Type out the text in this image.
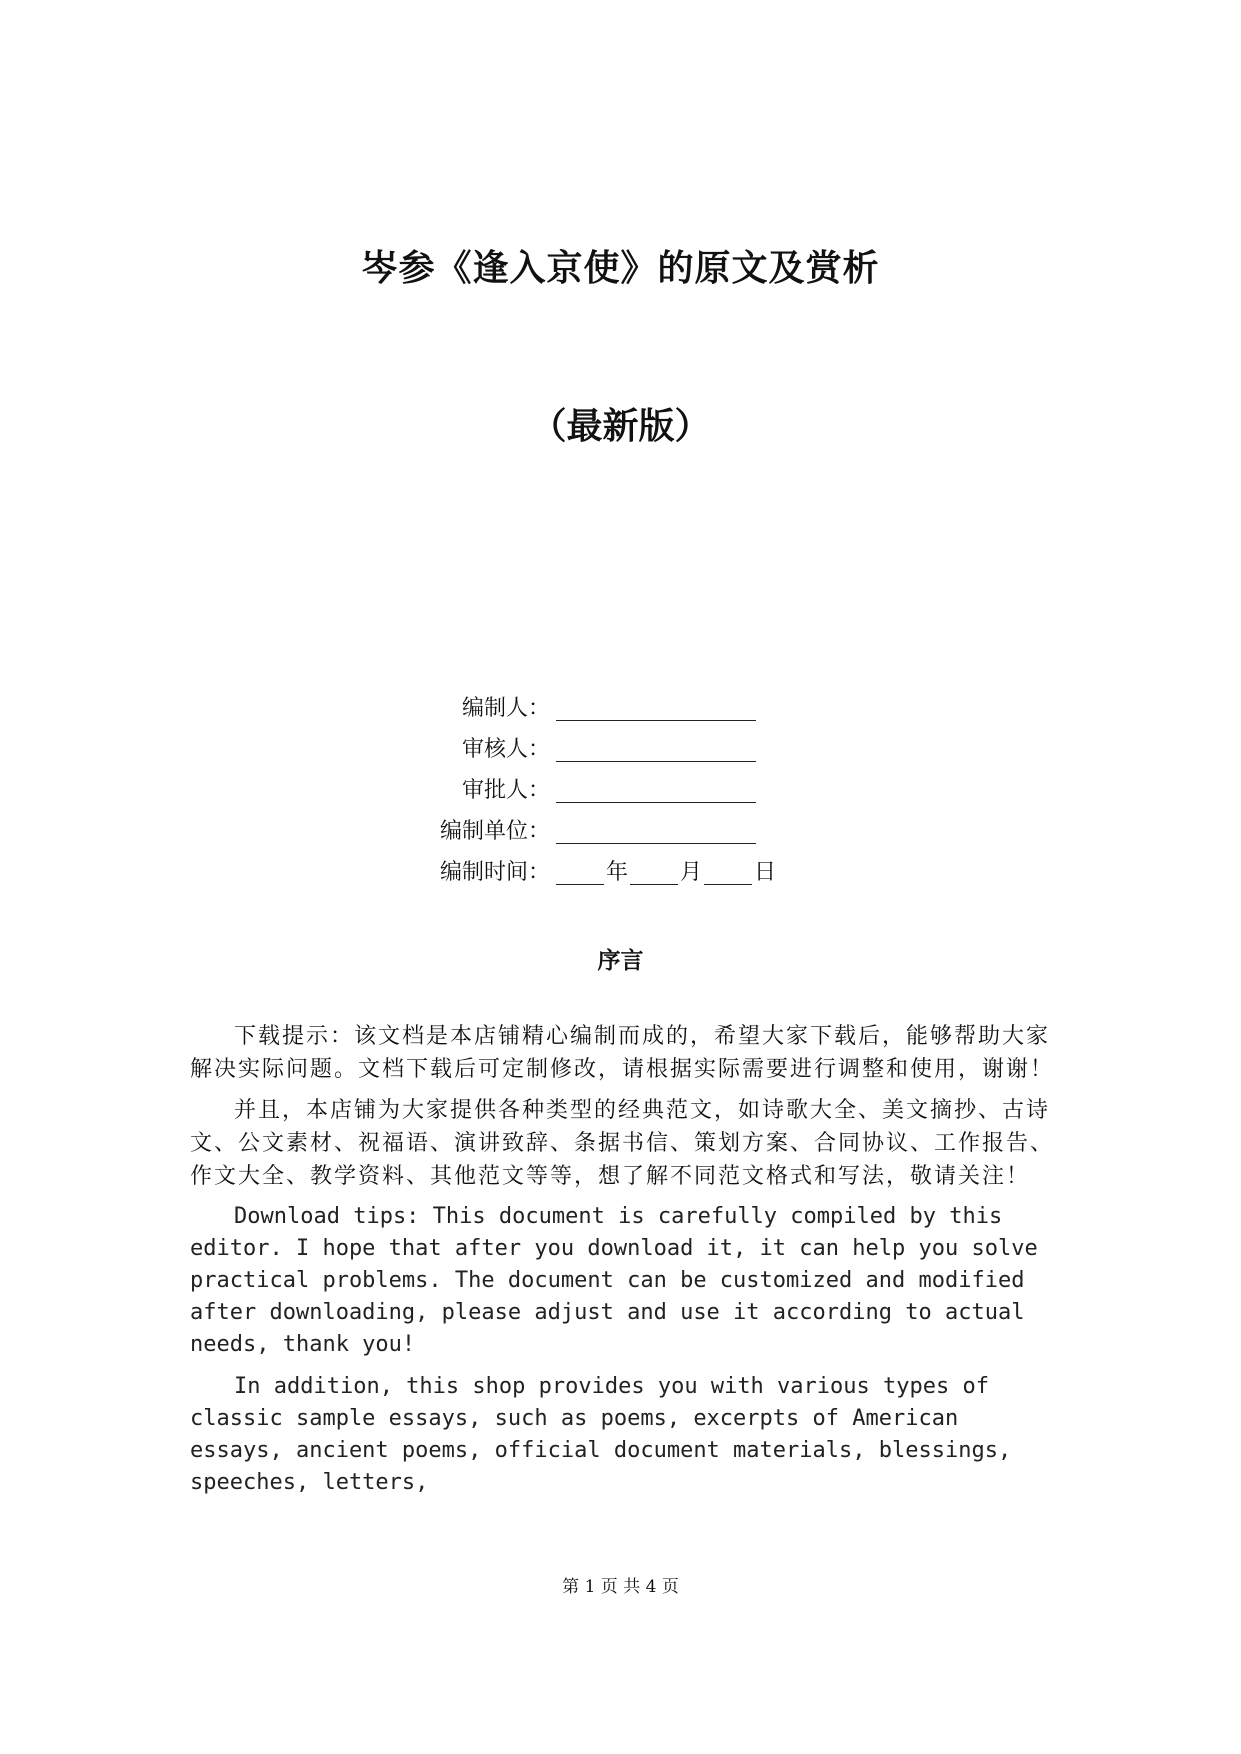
岑参《逢入京使》的原文及赏析
（最新版）
编制人：
审核人：
审批人：
编制单位：
编制时间：	年 月 日
序言

下载提示：该文档是本店铺精心编制而成的，希望大家下载后，能够帮助大家解决实际问题。文档下载后可定制修改，请根据实际需要进行调整和使用，谢谢！

并且，本店铺为大家提供各种类型的经典范文，如诗歌大全、美文摘抄、古诗文、公文素材、祝福语、演讲致辞、条据书信、策划方案、合同协议、工作报告、作文大全、教学资料、其他范文等等，想了解不同范文格式和写法，敬请关注！

Download tips: This document is carefully compiled by this editor. I hope that after you download it, it can help you solve practical problems. The document can be customized and modified after downloading, please adjust and use it according to actual needs, thank you!

In addition, this shop provides you with various types of classic sample essays, such as poems, excerpts of American essays, ancient poems, official document materials, blessings, speeches, letters,

第 1 页 共 4 页
